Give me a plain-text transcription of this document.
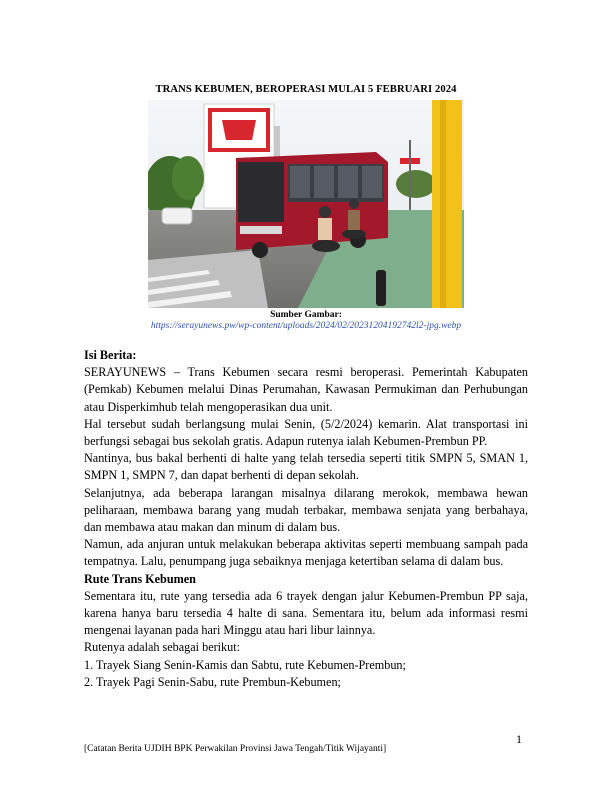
TRANS KEBUMEN, BEROPERASI MULAI 5 FEBRUARI 2024
Sumber Gambar:
https://serayunews.pw/wp-content/uploads/2024/02/20231204192742l2-jpg.webp

Isi Berita:

SERAYUNEWS – Trans Kebumen secara resmi beroperasi. Pemerintah Kabupaten (Pemkab) Kebumen melalui Dinas Perumahan, Kawasan Permukiman dan Perhubungan atau Disperkimhub telah mengoperasikan dua unit.

Hal tersebut sudah berlangsung mulai Senin, (5/2/2024) kemarin. Alat transportasi ini berfungsi sebagai bus sekolah gratis. Adapun rutenya ialah Kebumen-Prembun PP.

Nantinya, bus bakal berhenti di halte yang telah tersedia seperti titik SMPN 5, SMAN 1, SMPN 1, SMPN 7, dan dapat berhenti di depan sekolah.

Selanjutnya, ada beberapa larangan misalnya dilarang merokok, membawa hewan peliharaan, membawa barang yang mudah terbakar, membawa senjata yang berbahaya, dan membawa atau makan dan minum di dalam bus.

Namun, ada anjuran untuk melakukan beberapa aktivitas seperti membuang sampah pada tempatnya. Lalu, penumpang juga sebaiknya menjaga ketertiban selama di dalam bus.

Rute Trans Kebumen

Sementara itu, rute yang tersedia ada 6 trayek dengan jalur Kebumen-Prembun PP saja, karena hanya baru tersedia 4 halte di sana. Sementara itu, belum ada informasi resmi mengenai layanan pada hari Minggu atau hari libur lainnya.

Rutenya adalah sebagai berikut:

1. Trayek Siang Senin-Kamis dan Sabtu, rute Kebumen-Prembun;

2. Trayek Pagi Senin-Sabu, rute Prembun-Kebumen;

1
[Catatan Berita UJDIH BPK Perwakilan Provinsi Jawa Tengah/Titik Wijayanti]
